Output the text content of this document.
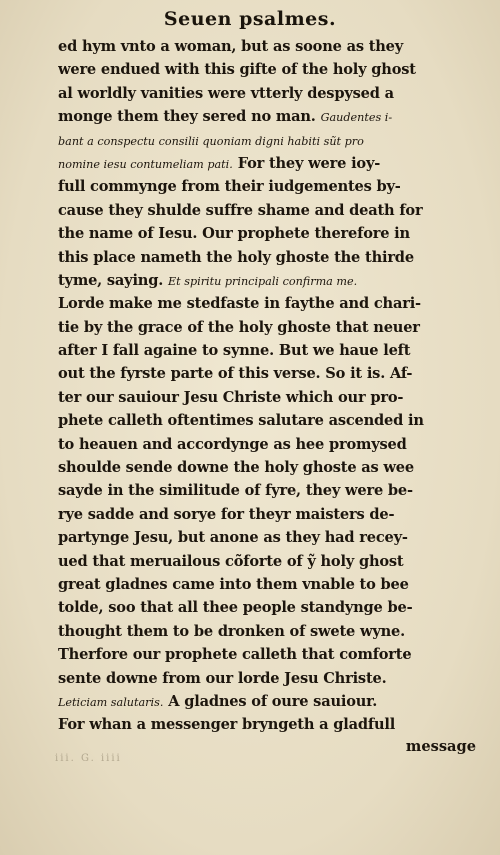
Seuen psalmes.
ed hym vnto a woman, but as soone as they
were endued with this gifte of the holy ghost
al worldly vanities were vtterly despysed a
monge them they sered no man. Gaudentes i-
bant a conspectu consilii quoniam digni habiti sũt pro
nomine iesu contumeliam pati. For they were ioy-
full commynge from their iudgementes by-
cause they shulde suffre shame and death for
the name of Iesu. Our prophete therefore in
this place nameth the holy ghoste the thirde
tyme, saying. Et spiritu principali confirma me.
Lorde make me stedfaste in faythe and chari-
tie by the grace of the holy ghoste that neuer
after I fall againe to synne. But we haue left
out the fyrste parte of this verse. So it is. Af-
ter our sauiour Jesu Christe which our pro-
phete calleth oftentimes salutare ascended in
to heauen and accordynge as hee promysed
shoulde sende downe the holy ghoste as wee
sayde in the similitude of fyre, they were be-
rye sadde and sorye for theyr maisters de-
partynge Jesu, but anone as they had recey-
ued that meruailous cõforte of ỹ holy ghost
great gladnes came into them vnable to bee
tolde, soo that all thee people standynge be-
thought them to be dronken of swete wyne.
Therfore our prophete calleth that comforte
sente downe from our lorde Jesu Christe.
Leticiam salutaris. A gladnes of oure sauiour.
For whan a messenger bryngeth a gladfull
message
iii. G. iiii
